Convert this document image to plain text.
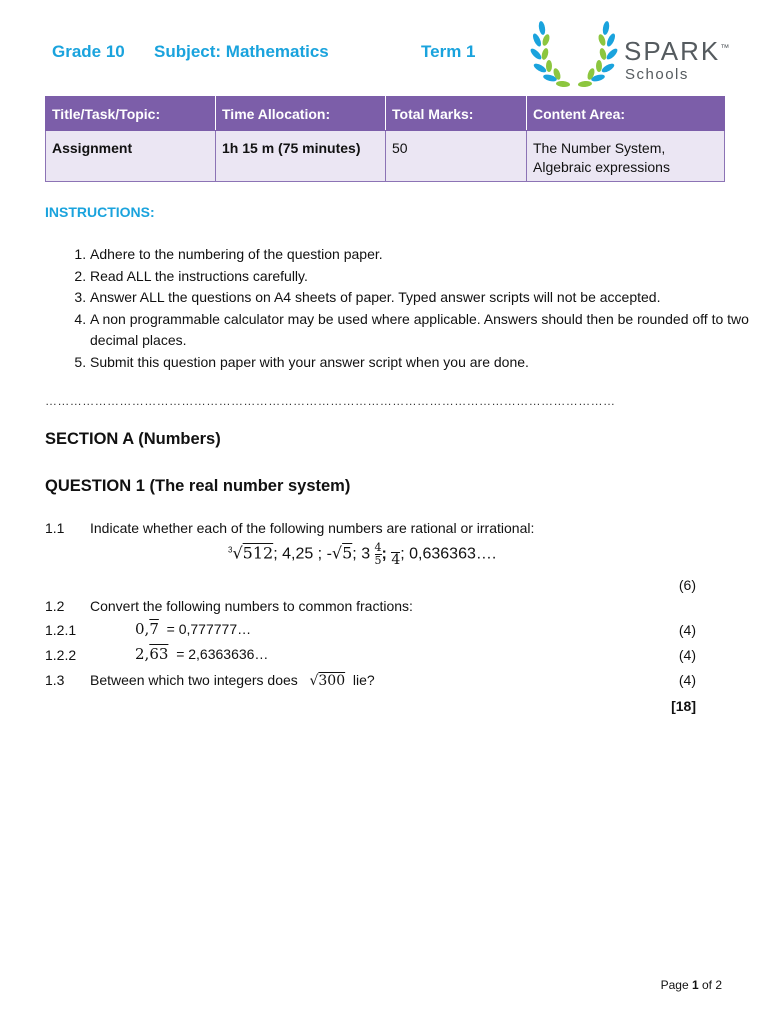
Grade 10 Subject: Mathematics	Term 1	SPARK™
Schools
Title/Task/Topic:	Time Allocation:	Total Marks:	Content Area:
Assignment	1h 15 m (75 minutes)	50	The Number System,
Algebraic expressions
INSTRUCTIONS:
1. Adhere to the numbering of the question paper.
2. Read ALL the instructions carefully.
3. Answer ALL the questions on A4 sheets of paper. Typed answer scripts will not be accepted.
4. A non programmable calculator may be used where applicable. Answers should then be rounded off to two decimal places.
5. Submit this question paper with your answer script when you are done.
…………………………………………………………………………………………………………………………
SECTION A (Numbers)
QUESTION 1 (The real number system)
1.1 Indicate whether each of the following numbers are rational or irrational:
$^3$√512; 4,25 ; -√5; $3 \frac{4}{5}$ ; 4 ; 0,636363….
(6)
1.2 Convert the following numbers to common fractions:
1.2.1	0,7 = 0,777777…	(4)
1.2.2	2,63 = 2,6363636…	(4)
1.3 Between which two integers does √300 lie?	(4)
[18]
Page 1 of 2
